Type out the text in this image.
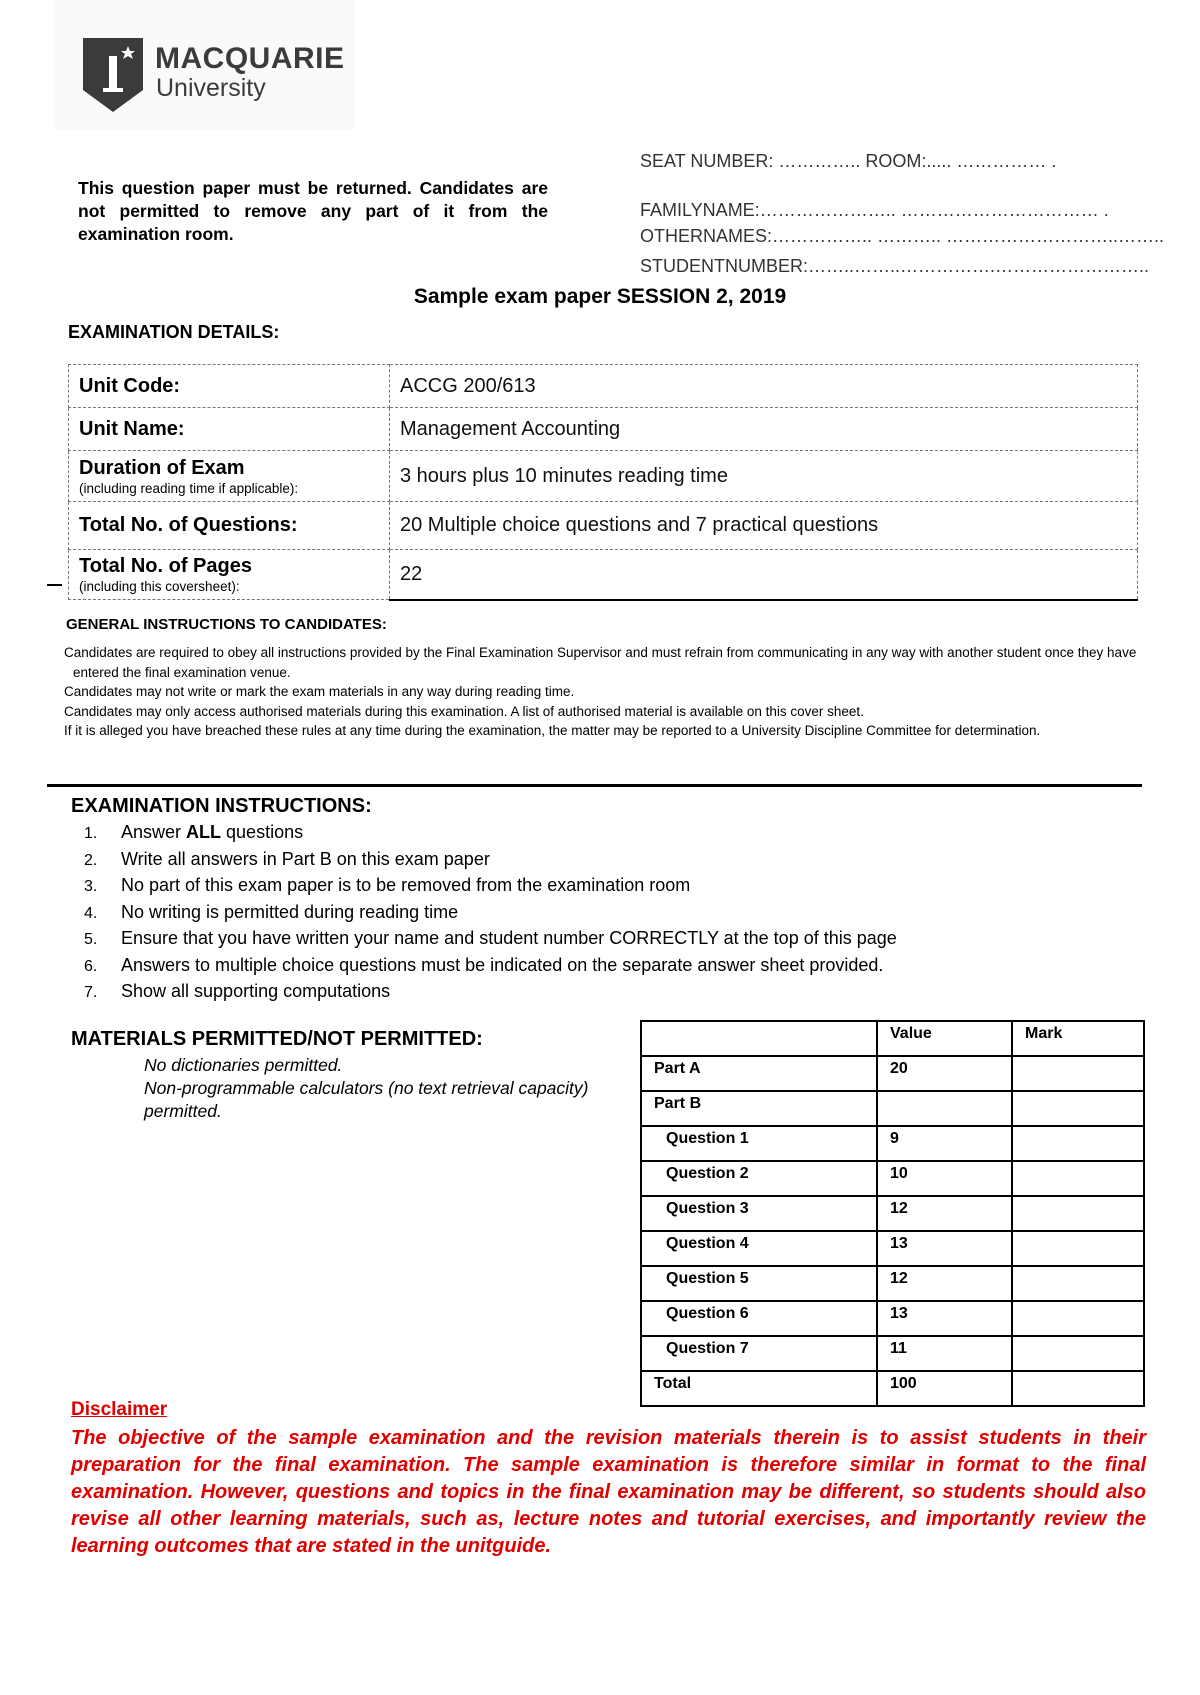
MACQUARIE
University
This question paper must be returned. Candidates are not permitted to remove any part of it from the examination room.
SEAT NUMBER: ………….. ROOM:..... …………… .
FAMILYNAME:………………….. …………………………… .
OTHERNAMES:…………….. ……….. ………………………..……..
STUDENTNUMBER:……..……..…………….……………………..
Sample exam paper SESSION 2, 2019
EXAMINATION DETAILS:
Unit Code:	ACCG 200/613
Unit Name:	Management Accounting
Duration of Exam
(including reading time if applicable):	3 hours plus 10 minutes reading time
Total No. of Questions:	20 Multiple choice questions and 7 practical questions
Total No. of Pages
(including this coversheet):	22
GENERAL INSTRUCTIONS TO CANDIDATES:

Candidates are required to obey all instructions provided by the Final Examination Supervisor and must refrain from communicating in any way with another student once they have entered the final examination venue.

Candidates may not write or mark the exam materials in any way during reading time.

Candidates may only access authorised materials during this examination. A list of authorised material is available on this cover sheet.

If it is alleged you have breached these rules at any time during the examination, the matter may be reported to a University Discipline Committee for determination.

EXAMINATION INSTRUCTIONS:
1. Answer ALL questions
2. Write all answers in Part B on this exam paper
3. No part of this exam paper is to be removed from the examination room
4. No writing is permitted during reading time
5. Ensure that you have written your name and student number CORRECTLY at the top of this page
6. Answers to multiple choice questions must be indicated on the separate answer sheet provided.
7. Show all supporting computations
MATERIALS PERMITTED/NOT PERMITTED:

No dictionaries permitted.

Non-programmable calculators (no text retrieval capacity) permitted.

	Value	Mark
Part A	20	
Part B		
Question 1	9	
Question 2	10	
Question 3	12	
Question 4	13	
Question 5	12	
Question 6	13	
Question 7	11	
Total	100	
Disclaimer
The objective of the sample examination and the revision materials therein is to assist students in their preparation for the final examination. The sample examination is therefore similar in format to the final examination. However, questions and topics in the final examination may be different, so students should also revise all other learning materials, such as, lecture notes and tutorial exercises, and importantly review the learning outcomes that are stated in the unitguide.
